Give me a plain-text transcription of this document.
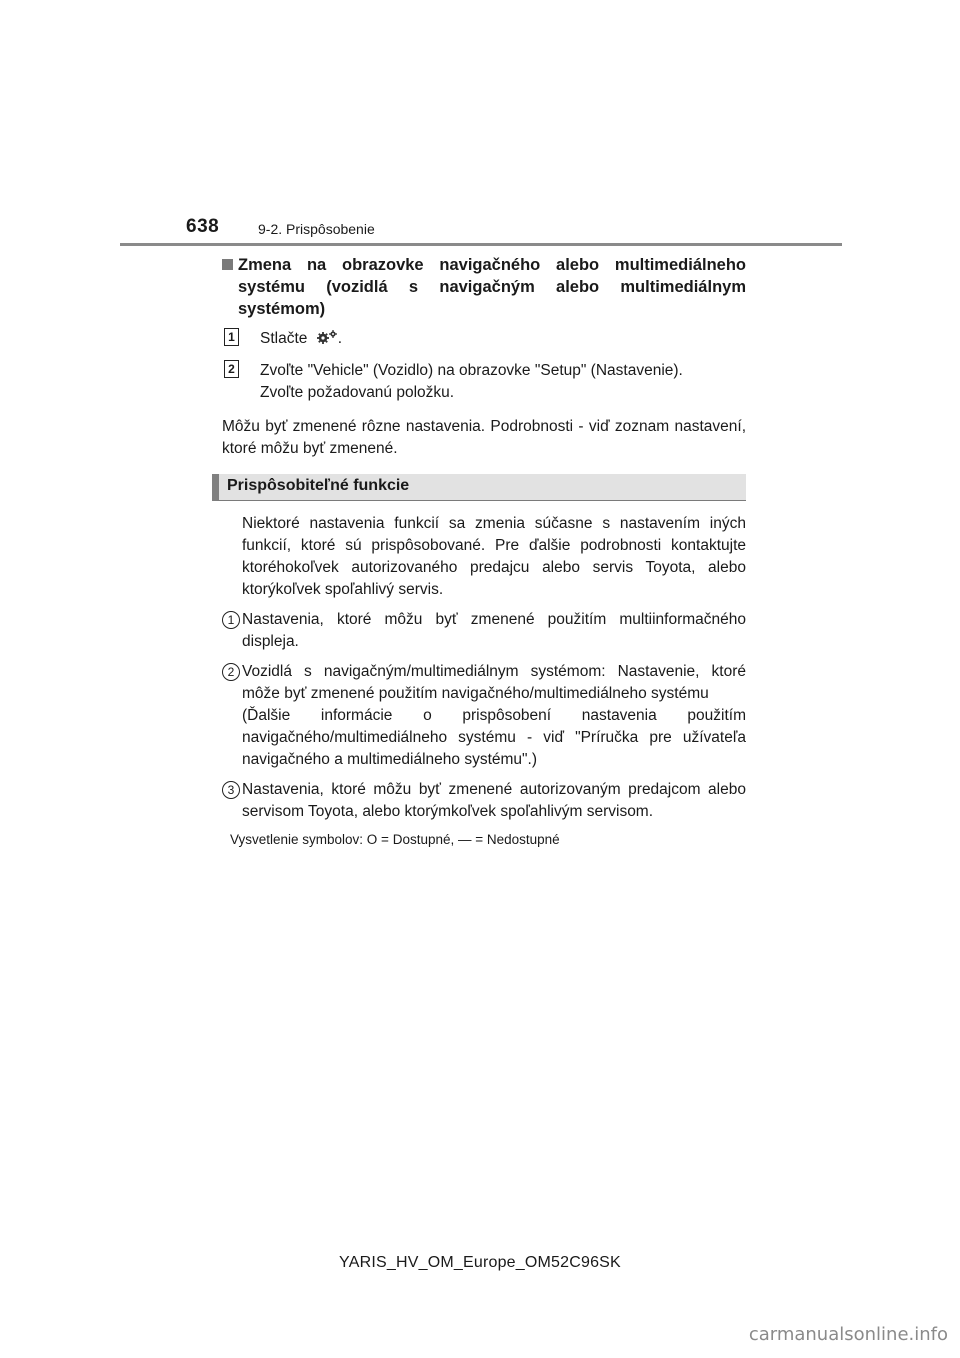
638	9-2. Prispôsobenie
Zmena na obrazovke navigačného alebo multimediálneho systému (vozidlá s navigačným alebo multimediálnym systémom)
1 Stlačte .
2 Zvoľte "Vehicle" (Vozidlo) na obrazovke "Setup" (Nastavenie).
Zvoľte požadovanú položku.
Môžu byť zmenené rôzne nastavenia. Podrobnosti - viď zoznam nastavení, ktoré môžu byť zmenené.
Prispôsobiteľné funkcie
Niektoré nastavenia funkcií sa zmenia súčasne s nastavením iných funkcií, ktoré sú prispôsobované. Pre ďalšie podrobnosti kontaktujte ktoréhokoľvek autorizovaného predajcu alebo servis Toyota, alebo ktorýkoľvek spoľahlivý servis.
1 Nastavenia, ktoré môžu byť zmenené použitím multiinformačného displeja.
2 Vozidlá s navigačným/multimediálnym systémom: Nastavenie, ktoré môže byť zmenené použitím navigačného/multimediálneho systému
(Ďalšie informácie o prispôsobení nastavenia použitím navigačného/multimediálneho systému - viď "Príručka pre užívateľa navigačného a multimediálneho systému".)
3 Nastavenia, ktoré môžu byť zmenené autorizovaným predajcom alebo servisom Toyota, alebo ktorýmkoľvek spoľahlivým servisom.
Vysvetlenie symbolov: O = Dostupné, — = Nedostupné
YARIS_HV_OM_Europe_OM52C96SK
carmanualsonline.info
